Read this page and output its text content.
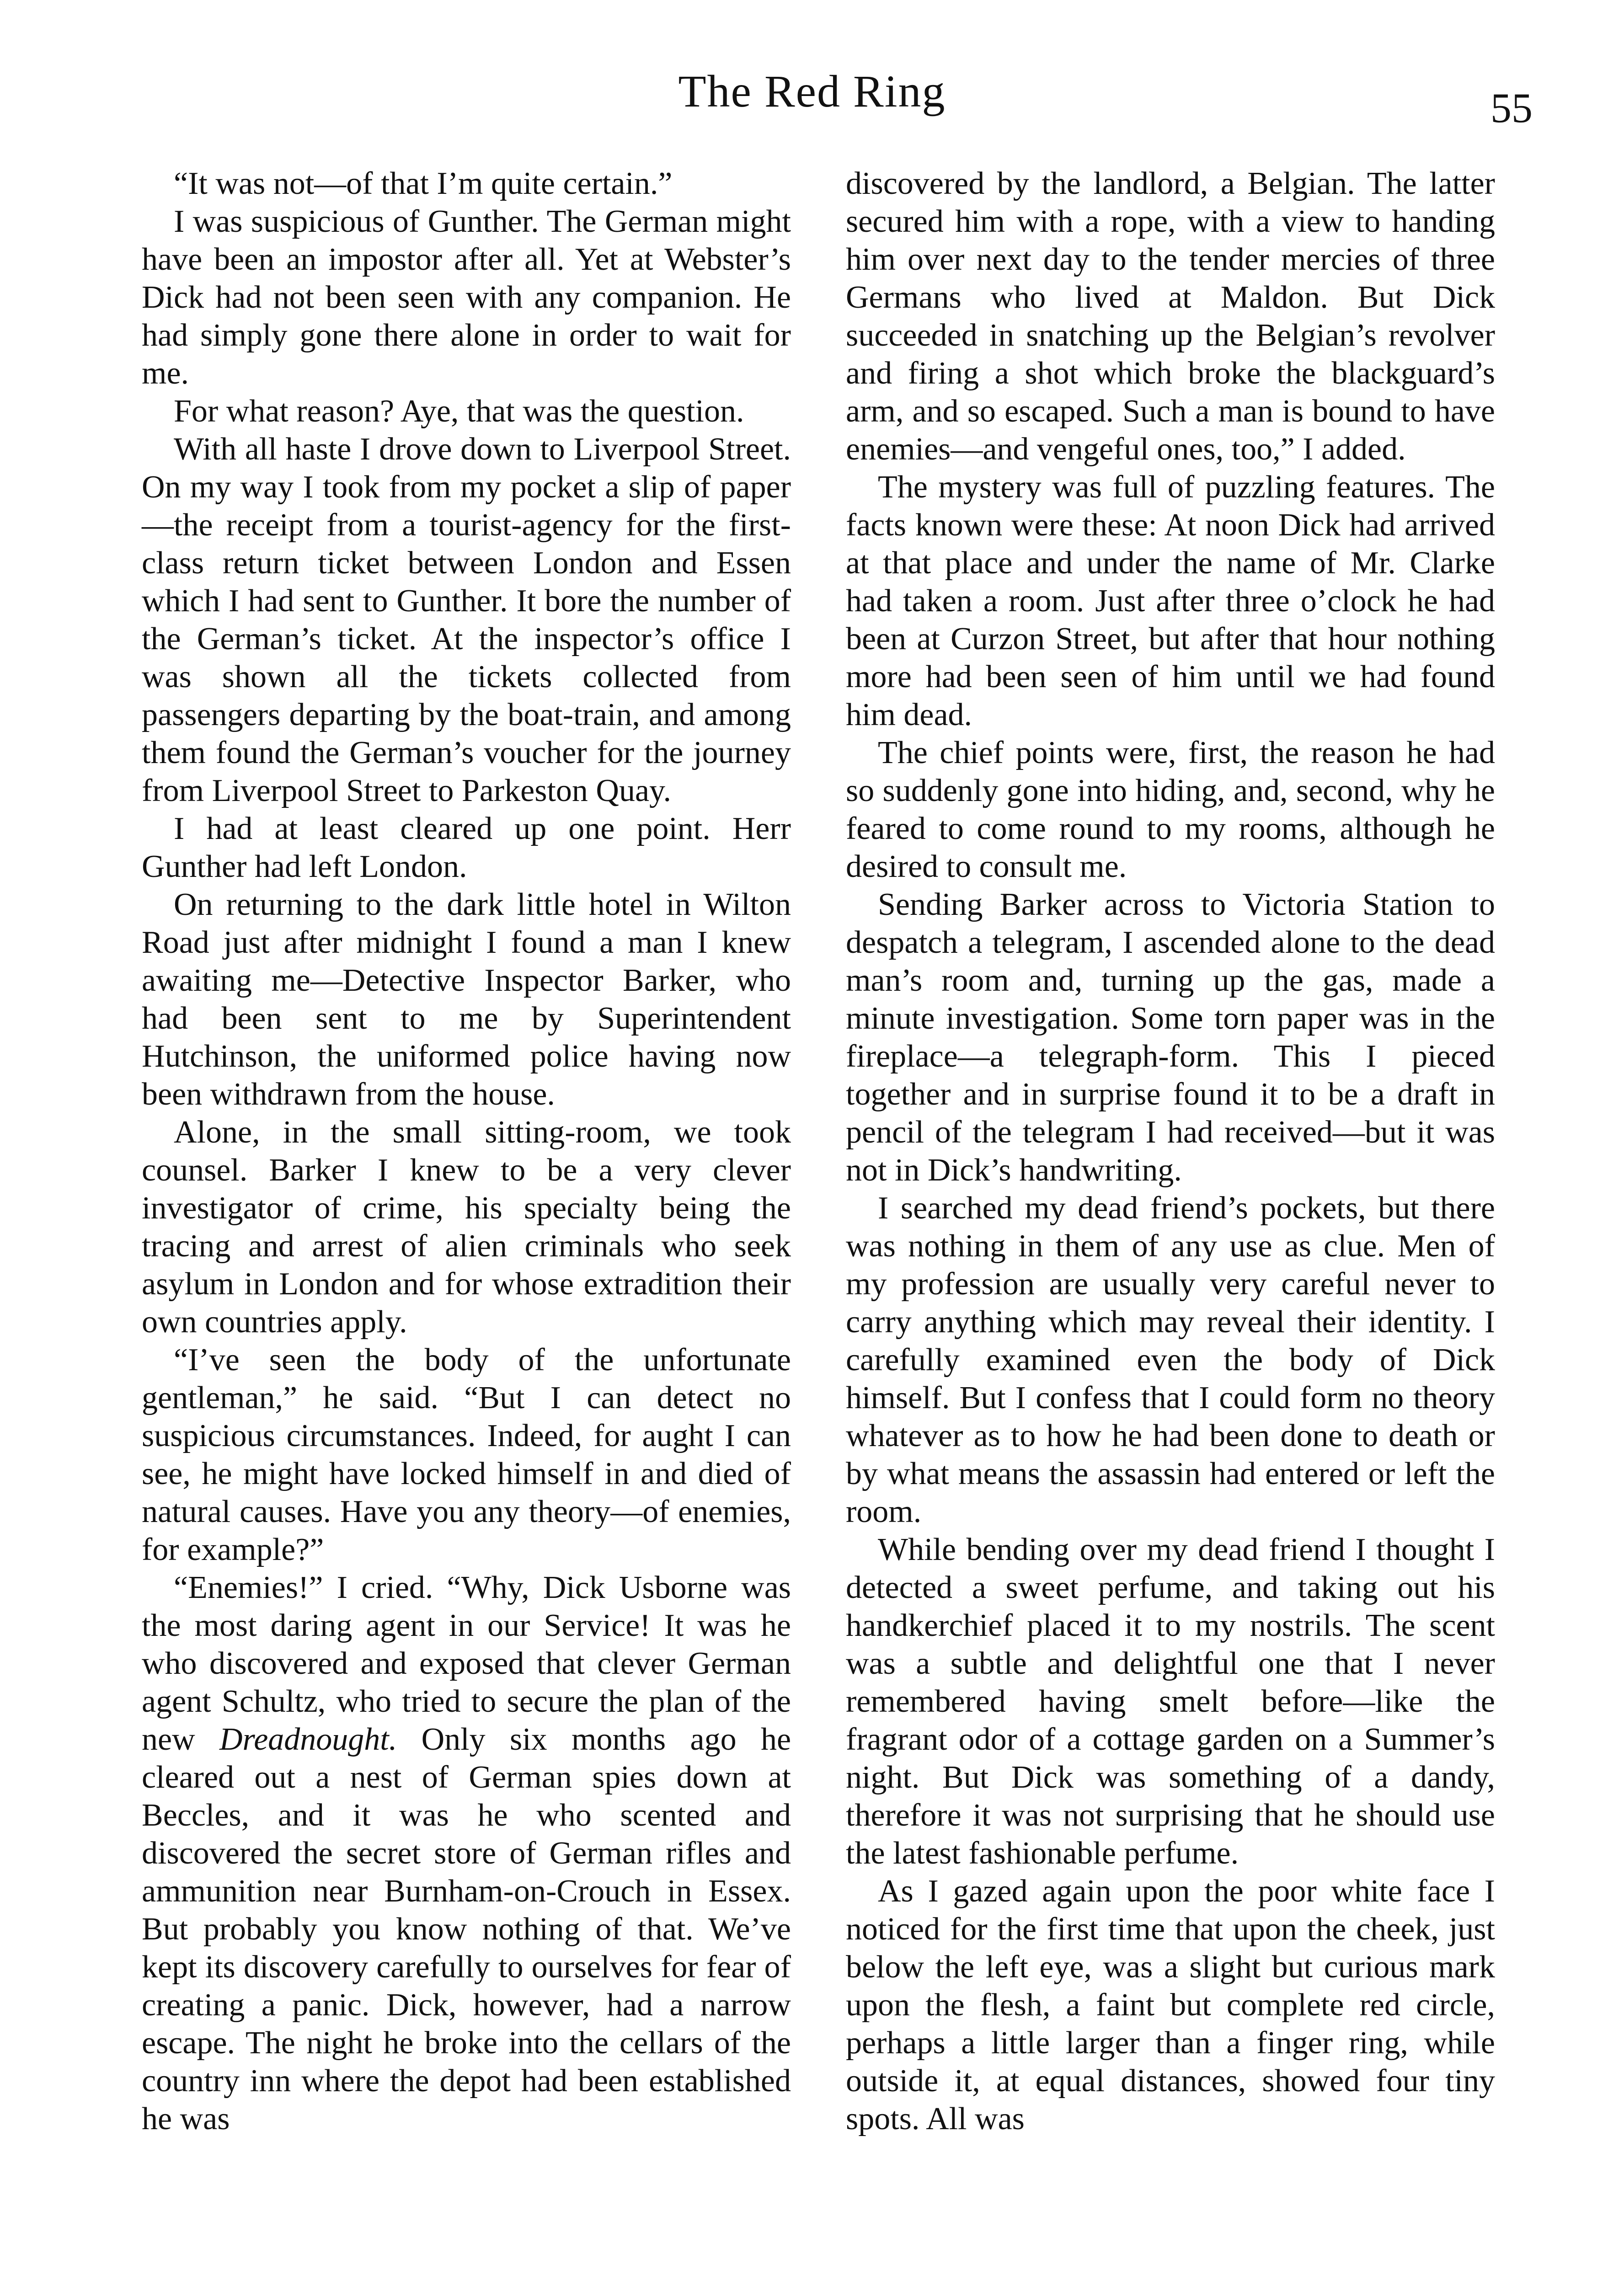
The Red Ring	55

“It was not—of that I’m quite certain.”

I was suspicious of Gunther. The German might have been an impostor after all. Yet at Webster’s Dick had not been seen with any companion. He had simply gone there alone in order to wait for me.

For what reason? Aye, that was the question.

With all haste I drove down to Liverpool Street. On my way I took from my pocket a slip of paper—the receipt from a tourist-agency for the first-class return ticket between London and Essen which I had sent to Gunther. It bore the number of the German’s ticket. At the inspector’s office I was shown all the tickets collected from passengers departing by the boat-train, and among them found the German’s voucher for the journey from Liverpool Street to Parkeston Quay.

I had at least cleared up one point. Herr Gunther had left London.

On returning to the dark little hotel in Wilton Road just after midnight I found a man I knew awaiting me—Detective Inspector Barker, who had been sent to me by Superintendent Hutchinson, the uniformed police having now been withdrawn from the house.

Alone, in the small sitting-room, we took counsel. Barker I knew to be a very clever investigator of crime, his specialty being the tracing and arrest of alien criminals who seek asylum in London and for whose extradition their own countries apply.

“I’ve seen the body of the unfortunate gentleman,” he said. “But I can detect no suspicious circumstances. Indeed, for aught I can see, he might have locked himself in and died of natural causes. Have you any theory—of enemies, for example?”

“Enemies!” I cried. “Why, Dick Usborne was the most daring agent in our Service! It was he who discovered and exposed that clever German agent Schultz, who tried to secure the plan of the new Dreadnought. Only six months ago he cleared out a nest of German spies down at Beccles, and it was he who scented and discovered the secret store of German rifles and ammunition near Burnham-on-Crouch in Essex. But probably you know nothing of that. We’ve kept its discovery carefully to ourselves for fear of creating a panic. Dick, however, had a narrow escape. The night he broke into the cellars of the country inn where the depot had been established he was

discovered by the landlord, a Belgian. The latter secured him with a rope, with a view to handing him over next day to the tender mercies of three Germans who lived at Maldon. But Dick succeeded in snatching up the Belgian’s revolver and firing a shot which broke the blackguard’s arm, and so escaped. Such a man is bound to have enemies—and vengeful ones, too,” I added.

The mystery was full of puzzling features. The facts known were these: At noon Dick had arrived at that place and under the name of Mr. Clarke had taken a room. Just after three o’clock he had been at Curzon Street, but after that hour nothing more had been seen of him until we had found him dead.

The chief points were, first, the reason he had so suddenly gone into hiding, and, second, why he feared to come round to my rooms, although he desired to consult me.

Sending Barker across to Victoria Station to despatch a telegram, I ascended alone to the dead man’s room and, turning up the gas, made a minute investigation. Some torn paper was in the fireplace—a telegraph-form. This I pieced together and in surprise found it to be a draft in pencil of the telegram I had received—but it was not in Dick’s handwriting.

I searched my dead friend’s pockets, but there was nothing in them of any use as clue. Men of my profession are usually very careful never to carry anything which may reveal their identity. I carefully examined even the body of Dick himself. But I confess that I could form no theory whatever as to how he had been done to death or by what means the assassin had entered or left the room.

While bending over my dead friend I thought I detected a sweet perfume, and taking out his handkerchief placed it to my nostrils. The scent was a subtle and delightful one that I never remembered having smelt before—like the fragrant odor of a cottage garden on a Summer’s night. But Dick was something of a dandy, therefore it was not surprising that he should use the latest fashionable perfume.

As I gazed again upon the poor white face I noticed for the first time that upon the cheek, just below the left eye, was a slight but curious mark upon the flesh, a faint but complete red circle, perhaps a little larger than a finger ring, while outside it, at equal distances, showed four tiny spots. All was
